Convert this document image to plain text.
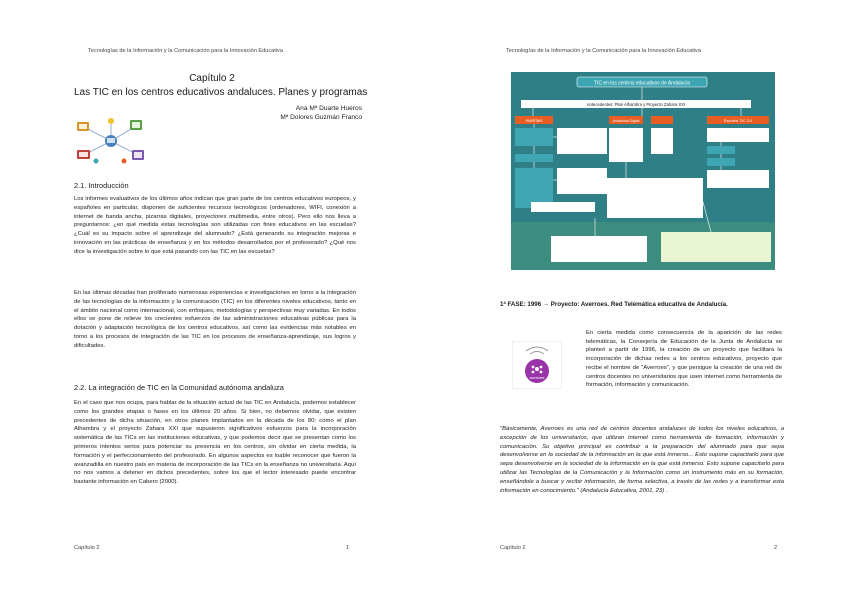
Tecnologías de la Información y la Comunicación para la Innovación Educativa
Capítulo 2
Las TIC en los centros educativos andaluces. Planes y programas
Ana Mª Duarte Hueros
Mª Dolores Guzmán Franco
2.1. Introducción

Los informes evaluativos de los últimos años indican que gran parte de los centros educativos europeos, y españoles en particular, disponen de suficientes recursos tecnológicos (ordenadores, WIFI, conexión a internet de banda ancha, pizarras digitales, proyectores multimedia, entre otros). Pero ello nos lleva a preguntarnos: ¿en qué medida estas tecnologías son utilizadas con fines educativos en las escuelas? ¿Cuál es su impacto sobre el aprendizaje del alumnado? ¿Está generando su integración mejoras e innovación en las prácticas de enseñanza y en los métodos desarrollados por el profesorado? ¿Qué nos dice la investigación sobre lo que está pasando con las TIC en las escuelas?

En las últimas décadas han proliferado numerosas experiencias e investigaciones en torno a la integración de las tecnologías de la información y la comunicación (TIC) en los diferentes niveles educativos, tanto en el ámbito nacional como internacional, con enfoques, metodologías y perspectivas muy variadas. En todos ellos se pone de relieve los crecientes esfuerzos de las administraciones educativas públicas para la dotación y adaptación tecnológica de los centros educativos, así como las evidencias más notables en torno a los procesos de integración de las TIC en los procesos de enseñanza-aprendizaje, sus logros y dificultades.

2.2. La integración de TIC en la Comunidad autónoma andaluza

En el caso que nos ocupa, para hablar de la situación actual de las TIC en Andalucía, podemos establecer como los grandes etapas o fases en los últimos 20 años. Si bien, no debemos olvidar, que existen precedentes de dicha situación, en otros planes implantados en la década de los 80: como el plan Alhambra y el proyecto Zahara XXI que supusieron significativos esfuerzos para la incorporación sistemática de las TICs en las instituciones educativas, y que podemos decir que se presentan como los primeros intentos serios para potenciar su presencia en los centros, sin olvidar en cierta medida, la formación y el perfeccionamiento del profesorado. En algunos aspectos es loable reconocer que fueron la avanzadilla en nuestro país en materia de incorporación de las TICs en la enseñanza no universitaria. Aquí no nos vamos a detener en dichos precedentes, sobre los que el lector interesado puede encontrar bastante información en Cabero (2000).

Capítulo 2	1
Tecnologías de la Información y la Comunicación para la Innovación Educativa
TIC en los centros educativos de Andalucía
Antecedentes: Plan Alhambra y Proyecto Zahara XXI
Averroes	Andalucía Digital	Escuela TIC 2.0
1ª FASE: 1996 → Proyecto: Averroes. Red Telemática educativa de Andalucía.
averroes

En cierta medida como consecuencia de la aparición de las redes telemáticas, la Consejería de Educación de la Junta de Andalucía se planteó a partir de 1996, la creación de un proyecto que facilitara la incorporación de dichas redes a los centros educativos, proyecto que recibe el nombre de "Averroes", y que persigue la creación de una red de centros docentes no universitarios que usen internet como herramienta de formación, información y comunicación.

"Básicamente, Averroes es una red de centros docentes andaluces de todos los niveles educativos, a excepción de los universitarios, que utilizan Internet como herramienta de formación, información y comunicación. Su objetivo principal es contribuir a la preparación del alumnado para que sepa desenvolverse en la sociedad de la información en la que está inmerso... Esto supone capacitarlo para que sepa desenvolverse en la sociedad de la información en la que está inmerso. Esto supone capacitarlo para utilizar las Tecnologías de la Comunicación y la Información como un instrumento más en su formación, enseñándole a buscar y recibir información, de forma selectiva, a través de las redes y a transformar esta información en conocimiento." (Andalucía Educativa, 2001, 23) .

Capítulo 2	2
